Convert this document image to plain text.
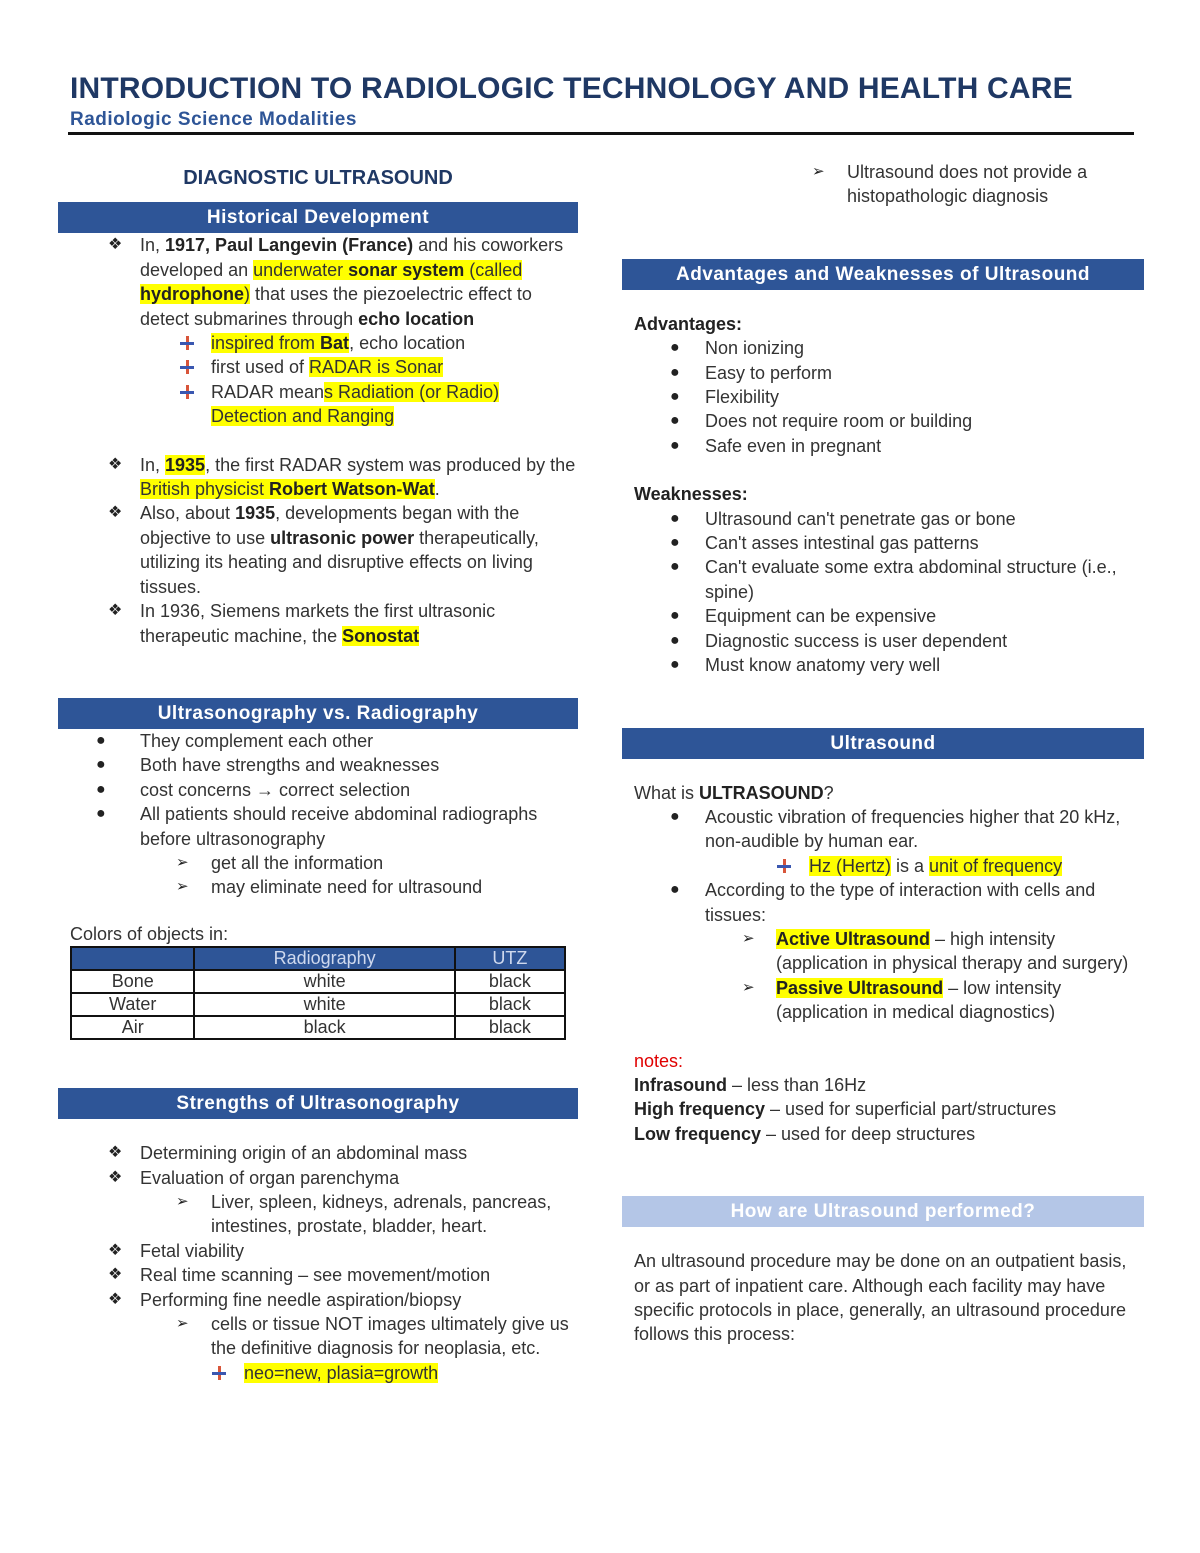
INTRODUCTION TO RADIOLOGIC TECHNOLOGY AND HEALTH CARE
Radiologic Science Modalities
DIAGNOSTIC ULTRASOUND
Historical Development
❖ In, 1917, Paul Langevin (France) and his coworkers developed an underwater sonar system (called hydrophone) that uses the piezoelectric effect to detect submarines through echo location
inspired from Bat, echo location
first used of RADAR is Sonar
RADAR means Radiation (or Radio) Detection and Ranging
❖ In, 1935, the first RADAR system was produced by the British physicist Robert Watson-Wat.
❖ Also, about 1935, developments began with the objective to use ultrasonic power therapeutically, utilizing its heating and disruptive effects on living tissues.
❖ In 1936, Siemens markets the first ultrasonic therapeutic machine, the Sonostat
Ultrasonography vs. Radiography
● They complement each other
● Both have strengths and weaknesses
● cost concerns → correct selection
● All patients should receive abdominal radiographs before ultrasonography
➢ get all the information
➢ may eliminate need for ultrasound

Colors of objects in:

	Radiography	UTZ
Bone	white	black
Water	white	black
Air	black	black
Strengths of Ultrasonography
❖ Determining origin of an abdominal mass
❖ Evaluation of organ parenchyma
➢ Liver, spleen, kidneys, adrenals, pancreas, intestines, prostate, bladder, heart.
❖ Fetal viability
❖ Real time scanning – see movement/motion
❖ Performing fine needle aspiration/biopsy
➢ cells or tissue NOT images ultimately give us the definitive diagnosis for neoplasia, etc.
neo=new, plasia=growth
➢ Ultrasound does not provide a histopathologic diagnosis
Advantages and Weaknesses of Ultrasound

Advantages:

● Non ionizing
● Easy to perform
● Flexibility
● Does not require room or building
● Safe even in pregnant

Weaknesses:

● Ultrasound can't penetrate gas or bone
● Can't asses intestinal gas patterns
● Can't evaluate some extra abdominal structure (i.e., spine)
● Equipment can be expensive
● Diagnostic success is user dependent
● Must know anatomy very well
Ultrasound

What is ULTRASOUND?

● Acoustic vibration of frequencies higher that 20 kHz, non-audible by human ear.
Hz (Hertz) is a unit of frequency
● According to the type of interaction with cells and tissues:
➢ Active Ultrasound – high intensity (application in physical therapy and surgery)
➢ Passive Ultrasound – low intensity (application in medical diagnostics)

notes:

Infrasound – less than 16Hz

High frequency – used for superficial part/structures

Low frequency – used for deep structures

How are Ultrasound performed?

An ultrasound procedure may be done on an outpatient basis, or as part of inpatient care. Although each facility may have specific protocols in place, generally, an ultrasound procedure follows this process:
